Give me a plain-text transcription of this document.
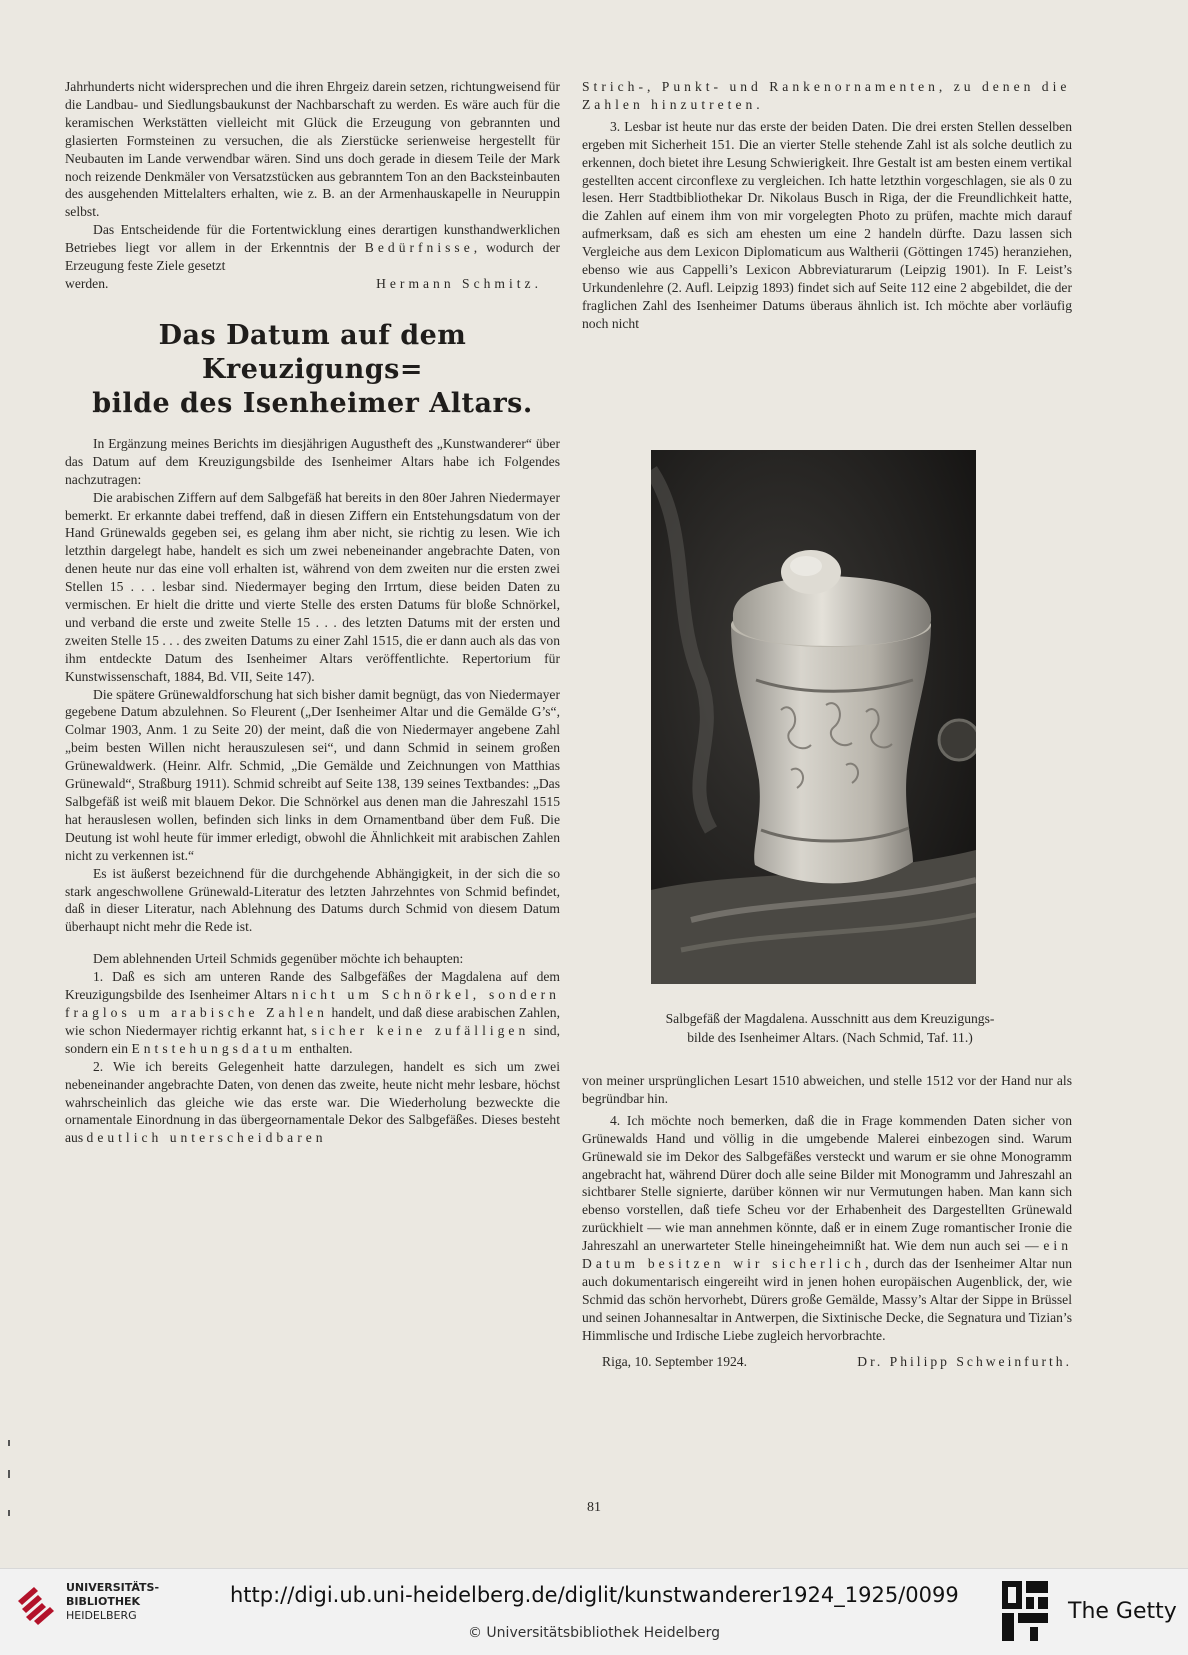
Jahrhunderts nicht widersprechen und die ihren Ehrgeiz darein setzen, richtungweisend für die Landbau- und Siedlungsbaukunst der Nachbarschaft zu werden. Es wäre auch für die keramischen Werkstätten vielleicht mit Glück die Erzeugung von gebrannten und glasierten Formsteinen zu versuchen, die als Zierstücke serienweise hergestellt für Neubauten im Lande verwendbar wären. Sind uns doch gerade in diesem Teile der Mark noch reizende Denkmäler von Versatzstücken aus gebranntem Ton an den Backsteinbauten des ausgehenden Mittelalters erhalten, wie z. B. an der Armenhauskapelle in Neuruppin selbst.

Das Entscheidende für die Fortentwicklung eines derartigen kunsthandwerklichen Betriebes liegt vor allem in der Erkenntnis der Bedürfnisse, wodurch der Erzeugung feste Ziele gesetzt

werden.	Hermann Schmitz.
Das Datum auf dem Kreuzigungs=
bilde des Isenheimer Altars.

In Ergänzung meines Berichts im diesjährigen Augustheft des „Kunstwanderer“ über das Datum auf dem Kreuzigungsbilde des Isenheimer Altars habe ich Folgendes nachzutragen:

Die arabischen Ziffern auf dem Salbgefäß hat bereits in den 80er Jahren Niedermayer bemerkt. Er erkannte dabei treffend, daß in diesen Ziffern ein Entstehungsdatum von der Hand Grünewalds gegeben sei, es gelang ihm aber nicht, sie richtig zu lesen. Wie ich letzthin dargelegt habe, handelt es sich um zwei nebeneinander angebrachte Daten, von denen heute nur das eine voll erhalten ist, während von dem zweiten nur die ersten zwei Stellen 15 . . . lesbar sind. Niedermayer beging den Irrtum, diese beiden Daten zu vermischen. Er hielt die dritte und vierte Stelle des ersten Datums für bloße Schnörkel, und verband die erste und zweite Stelle 15 . . . des letzten Datums mit der ersten und zweiten Stelle 15 . . . des zweiten Datums zu einer Zahl 1515, die er dann auch als das von ihm entdeckte Datum des Isenheimer Altars veröffentlichte. Repertorium für Kunstwissenschaft, 1884, Bd. VII, Seite 147).

Die spätere Grünewaldforschung hat sich bisher damit begnügt, das von Niedermayer gegebene Datum abzulehnen. So Fleurent („Der Isenheimer Altar und die Gemälde G’s“, Colmar 1903, Anm. 1 zu Seite 20) der meint, daß die von Niedermayer angebene Zahl „beim besten Willen nicht herauszulesen sei“, und dann Schmid in seinem großen Grünewaldwerk. (Heinr. Alfr. Schmid, „Die Gemälde und Zeichnungen von Matthias Grünewald“, Straßburg 1911). Schmid schreibt auf Seite 138, 139 seines Textbandes: „Das Salbgefäß ist weiß mit blauem Dekor. Die Schnörkel aus denen man die Jahreszahl 1515 hat herauslesen wollen, befinden sich links in dem Ornamentband über dem Fuß. Die Deutung ist wohl heute für immer erledigt, obwohl die Ähnlichkeit mit arabischen Zahlen nicht zu verkennen ist.“

Es ist äußerst bezeichnend für die durchgehende Abhängigkeit, in der sich die so stark angeschwollene Grünewald-Literatur des letzten Jahrzehntes von Schmid befindet, daß in dieser Literatur, nach Ablehnung des Datums durch Schmid von diesem Datum überhaupt nicht mehr die Rede ist.

Dem ablehnenden Urteil Schmids gegenüber möchte ich behaupten:

1. Daß es sich am unteren Rande des Salbgefäßes der Magdalena auf dem Kreuzigungsbilde des Isenheimer Altars nicht um Schnörkel, sondern fraglos um arabische Zahlen handelt, und daß diese arabischen Zahlen, wie schon Niedermayer richtig erkannt hat, sicher keine zufälligen sind, sondern ein Entstehungsdatum enthalten.

2. Wie ich bereits Gelegenheit hatte darzulegen, handelt es sich um zwei nebeneinander angebrachte Daten, von denen das zweite, heute nicht mehr lesbare, höchst wahrscheinlich das gleiche wie das erste war. Die Wiederholung bezweckte die ornamentale Einordnung in das übergeornamentale Dekor des Salbgefäßes. Dieses besteht aus deutlich unterscheidbaren

Strich-, Punkt- und Rankenornamenten, zu denen die Zahlen hinzutreten.

3. Lesbar ist heute nur das erste der beiden Daten. Die drei ersten Stellen desselben ergeben mit Sicherheit 151. Die an vierter Stelle stehende Zahl ist als solche deutlich zu erkennen, doch bietet ihre Lesung Schwierigkeit. Ihre Gestalt ist am besten einem vertikal gestellten accent circonflexe zu vergleichen. Ich hatte letzthin vorgeschlagen, sie als 0 zu lesen. Herr Stadtbibliothekar Dr. Nikolaus Busch in Riga, der die Freundlichkeit hatte, die Zahlen auf einem ihm von mir vorgelegten Photo zu prüfen, machte mich darauf aufmerksam, daß es sich am ehesten um eine 2 handeln dürfte. Dazu lassen sich Vergleiche aus dem Lexicon Diplomaticum aus Waltherii (Göttingen 1745) heranziehen, ebenso wie aus Cappelli’s Lexicon Abbreviaturarum (Leipzig 1901). In F. Leist’s Urkundenlehre (2. Aufl. Leipzig 1893) findet sich auf Seite 112 eine 2 abgebildet, die der fraglichen Zahl des Isenheimer Datums überaus ähnlich ist. Ich möchte aber vorläufig noch nicht

Salbgefäß der Magdalena. Ausschnitt aus dem Kreuzigungs-
bilde des Isenheimer Altars. (Nach Schmid, Taf. 11.)

von meiner ursprünglichen Lesart 1510 abweichen, und stelle 1512 vor der Hand nur als begründbar hin.

4. Ich möchte noch bemerken, daß die in Frage kommenden Daten sicher von Grünewalds Hand und völlig in die umgebende Malerei einbezogen sind. Warum Grünewald sie im Dekor des Salbgefäßes versteckt und warum er sie ohne Monogramm angebracht hat, während Dürer doch alle seine Bilder mit Monogramm und Jahreszahl an sichtbarer Stelle signierte, darüber können wir nur Vermutungen haben. Man kann sich ebenso vorstellen, daß tiefe Scheu vor der Erhabenheit des Dargestellten Grünewald zurückhielt — wie man annehmen könnte, daß er in einem Zuge romantischer Ironie die Jahreszahl an unerwarteter Stelle hineingeheimnißt hat. Wie dem nun auch sei — ein Datum besitzen wir sicherlich, durch das der Isenheimer Altar nun auch dokumentarisch eingereiht wird in jenen hohen europäischen Augenblick, der, wie Schmid das schön hervorhebt, Dürers große Gemälde, Massy’s Altar der Sippe in Brüssel und seinen Johannesaltar in Antwerpen, die Sixtinische Decke, die Segnatura und Tizian’s Himmlische und Irdische Liebe zugleich hervorbrachte.

Riga, 10. September 1924.	Dr. Philipp Schweinfurth.
81
UNIVERSITÄTS-
BIBLIOTHEK
HEIDELBERG
http://digi.ub.uni-heidelberg.de/diglit/kunstwanderer1924_1925/0099
© Universitätsbibliothek Heidelberg
The Getty
